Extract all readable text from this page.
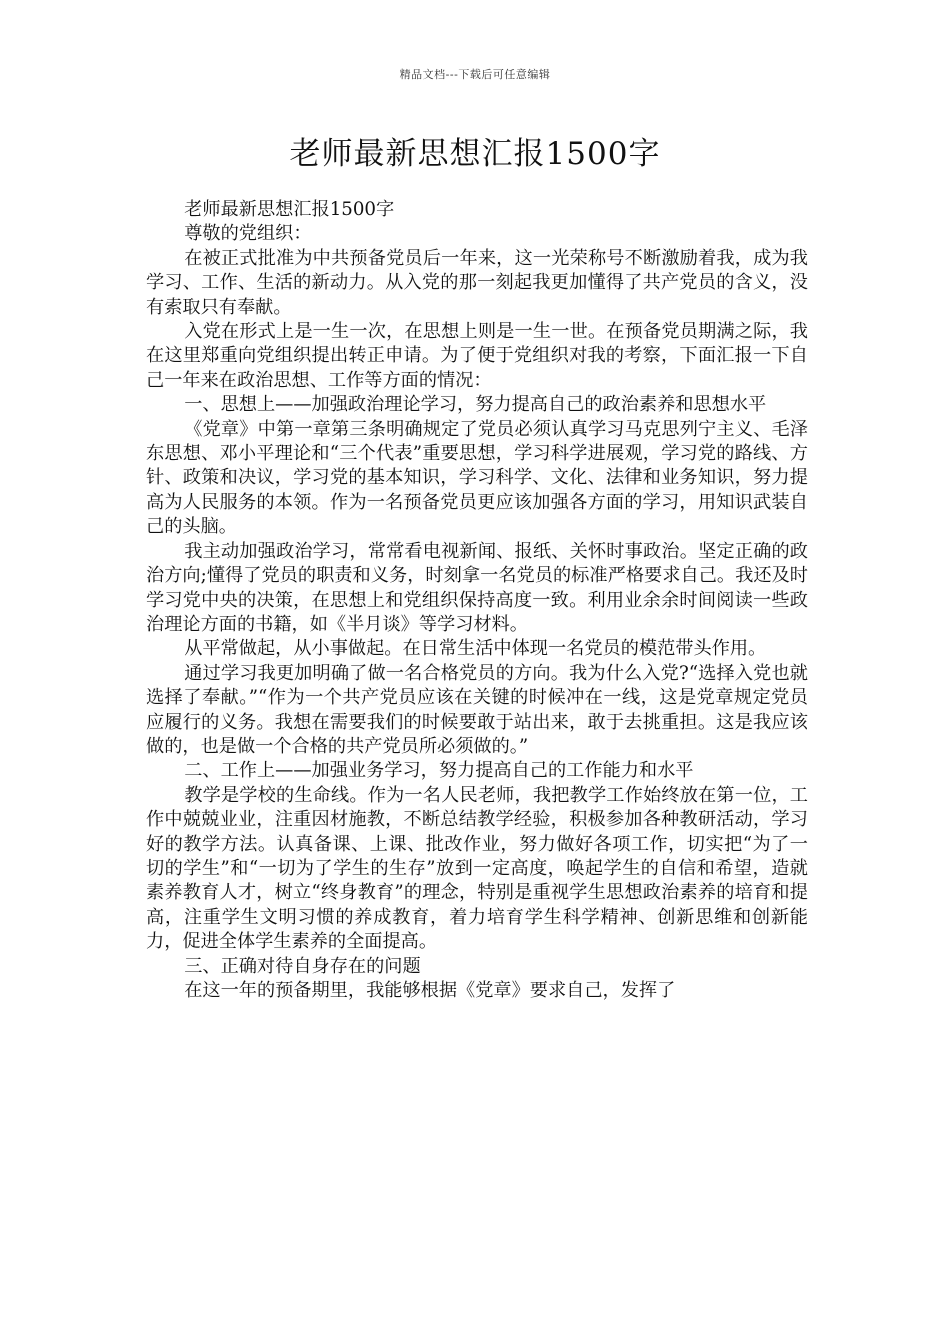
精品文档---下载后可任意编辑
老师最新思想汇报1500字

老师最新思想汇报1500字

尊敬的党组织：

在被正式批准为中共预备党员后一年来，这一光荣称号不断激励着我，成为我学习、工作、生活的新动力。从入党的那一刻起我更加懂得了共产党员的含义，没有索取只有奉献。

入党在形式上是一生一次，在思想上则是一生一世。在预备党员期满之际，我在这里郑重向党组织提出转正申请。为了便于党组织对我的考察，下面汇报一下自己一年来在政治思想、工作等方面的情况：

一、思想上——加强政治理论学习，努力提高自己的政治素养和思想水平

《党章》中第一章第三条明确规定了党员必须认真学习马克思列宁主义、毛泽东思想、邓小平理论和“三个代表”重要思想，学习科学进展观，学习党的路线、方针、政策和决议，学习党的基本知识，学习科学、文化、法律和业务知识，努力提高为人民服务的本领。作为一名预备党员更应该加强各方面的学习，用知识武装自己的头脑。

我主动加强政治学习，常常看电视新闻、报纸、关怀时事政治。坚定正确的政治方向;懂得了党员的职责和义务，时刻拿一名党员的标准严格要求自己。我还及时学习党中央的决策，在思想上和党组织保持高度一致。利用业余余时间阅读一些政治理论方面的书籍，如《半月谈》等学习材料。

从平常做起，从小事做起。在日常生活中体现一名党员的模范带头作用。

通过学习我更加明确了做一名合格党员的方向。我为什么入党?“选择入党也就选择了奉献。”“作为一个共产党员应该在关键的时候冲在一线，这是党章规定党员应履行的义务。我想在需要我们的时候要敢于站出来，敢于去挑重担。这是我应该做的，也是做一个合格的共产党员所必须做的。”

二、工作上——加强业务学习，努力提高自己的工作能力和水平

教学是学校的生命线。作为一名人民老师，我把教学工作始终放在第一位，工作中兢兢业业，注重因材施教，不断总结教学经验，积极参加各种教研活动，学习好的教学方法。认真备课、上课、批改作业，努力做好各项工作，切实把“为了一切的学生”和“一切为了学生的生存”放到一定高度，唤起学生的自信和希望，造就素养教育人才，树立“终身教育”的理念，特别是重视学生思想政治素养的培育和提高，注重学生文明习惯的养成教育，着力培育学生科学精神、创新思维和创新能力，促进全体学生素养的全面提高。

三、正确对待自身存在的问题

在这一年的预备期里，我能够根据《党章》要求自己，发挥了
